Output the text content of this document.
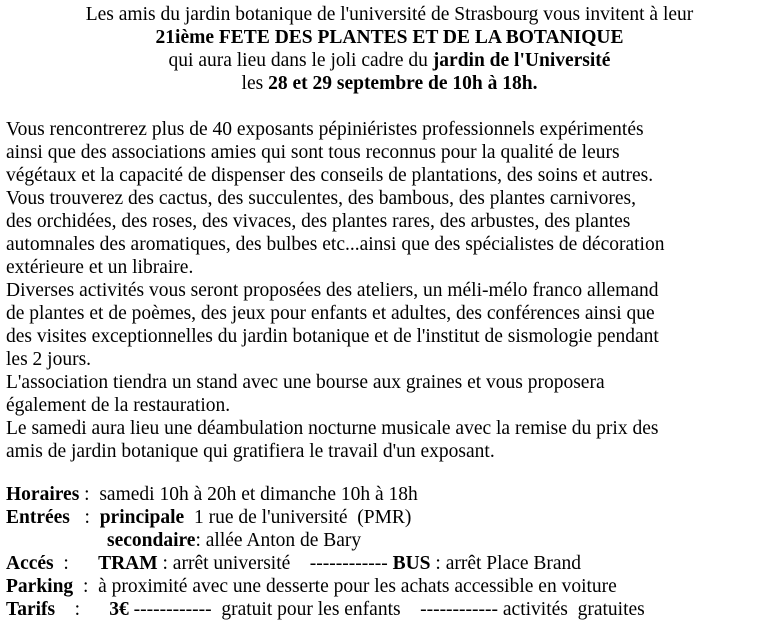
Les amis du jardin botanique de l'université de Strasbourg vous invitent à leur
21ième FETE DES PLANTES ET DE LA BOTANIQUE
qui aura lieu dans le joli cadre du jardin de l'Université
les 28 et 29 septembre de 10h à 18h.
Vous rencontrerez plus de 40 exposants pépiniéristes professionnels expérimentés
ainsi que des associations amies qui sont tous reconnus pour la qualité de leurs
végétaux et la capacité de dispenser des conseils de plantations, des soins et autres.
Vous trouverez des cactus, des succulentes, des bambous, des plantes carnivores,
des orchidées, des roses, des vivaces, des plantes rares, des arbustes, des plantes
automnales des aromatiques, des bulbes etc...ainsi que des spécialistes de décoration
extérieure et un libraire.
Diverses activités vous seront proposées des ateliers, un méli-mélo franco allemand
de plantes et de poèmes, des jeux pour enfants et adultes, des conférences ainsi que
des visites exceptionnelles du jardin botanique et de l'institut de sismologie pendant
les 2 jours.
L'association tiendra un stand avec une bourse aux graines et vous proposera
également de la restauration.
Le samedi aura lieu une déambulation nocturne musicale avec la remise du prix des
amis de jardin botanique qui gratifiera le travail d'un exposant.
Horaires :  samedi 10h à 20h et dimanche 10h à 18h
Entrées   :  principale  1 rue de l'université  (PMR)
secondaire: allée Anton de Bary
Accés  :      TRAM : arrêt université    ------------ BUS : arrêt Place Brand
Parking  :  à proximité avec une desserte pour les achats accessible en voiture
Tarifs    :      3€ ------------  gratuit pour les enfants    ------------ activités  gratuites
